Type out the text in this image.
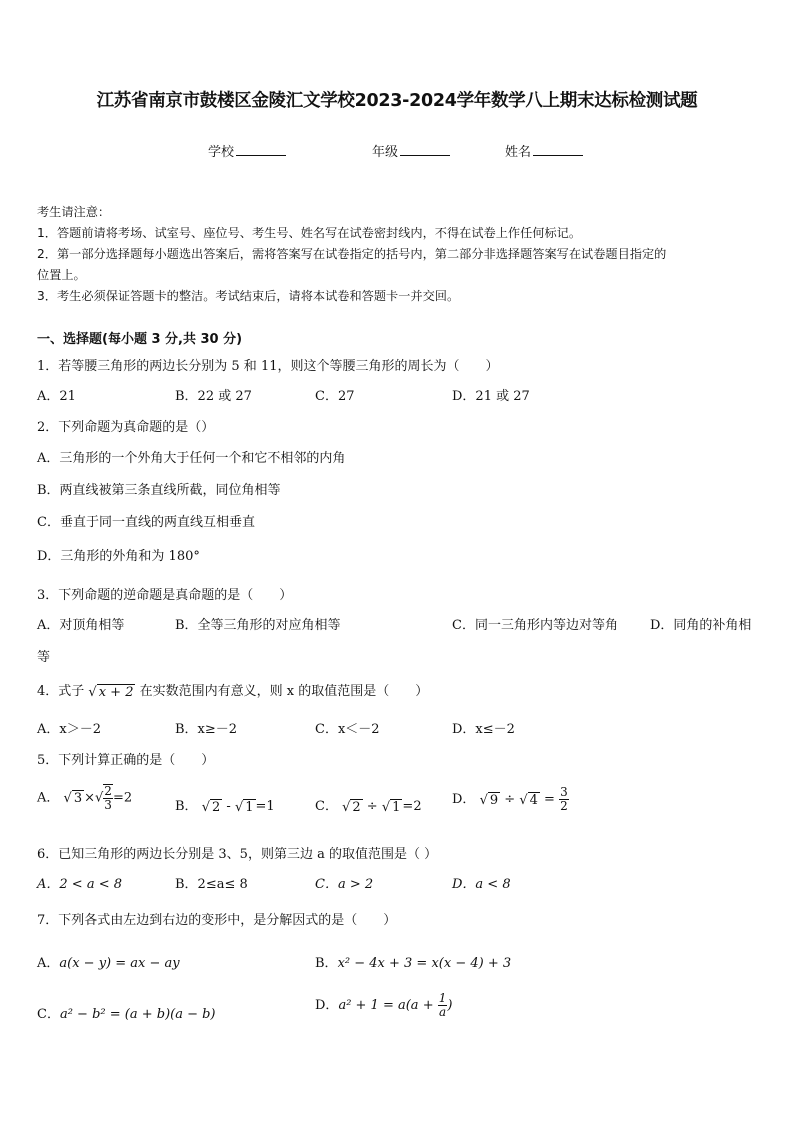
江苏省南京市鼓楼区金陵汇文学校2023-2024学年数学八上期末达标检测试题
学校	年级	姓名
考生请注意：
1．答题前请将考场、试室号、座位号、考生号、姓名写在试卷密封线内，不得在试卷上作任何标记。
2．第一部分选择题每小题选出答案后，需将答案写在试卷指定的括号内，第二部分非选择题答案写在试卷题目指定的
位置上。
3．考生必须保证答题卡的整洁。考试结束后，请将本试卷和答题卡一并交回。
一、选择题(每小题 3 分,共 30 分)
1．若等腰三角形的两边长分别为 5 和 11，则这个等腰三角形的周长为（　　）
A．21	B．22 或 27	C．27	D．21 或 27
2．下列命题为真命题的是（）
A．三角形的一个外角大于任何一个和它不相邻的内角
B．两直线被第三条直线所截，同位角相等
C．垂直于同一直线的两直线互相垂直
D．三角形的外角和为 180°
3．下列命题的逆命题是真命题的是（　　）
A．对顶角相等	B．全等三角形的对应角相等	C．同一三角形内等边对等角 D．同角的补角相
等
4．式子 √ x + 2 在实数范围内有意义，则 x 的取值范围是（　　）
A．x＞－2	B．x≥－2	C．x＜－2	D．x≤－2
5．下列计算正确的是（　　）
A． √ 3 ×√ $\frac{2}{3} =2$
B． √ 2 - √ 1 =1	C． √ 2 ÷ √ 1 =2 D． √ 9 ÷ √ $4 = \frac{3}{2}$
6．已知三角形的两边长分别是 3、5，则第三边 a 的取值范围是（ ）
A．2 < a < 8	B．2≤a≤ 8	C．a > 2	D．a < 8
7．下列各式由左边到右边的变形中，是分解因式的是（　　）
A．a(x − y) = ax − ay	B．x² − 4x + 3 = x(x − 4) + 3
C．a² − b² = (a + b)(a − b)
D．$a^2 + 1 = a(a + \frac{1}{a}$ )
